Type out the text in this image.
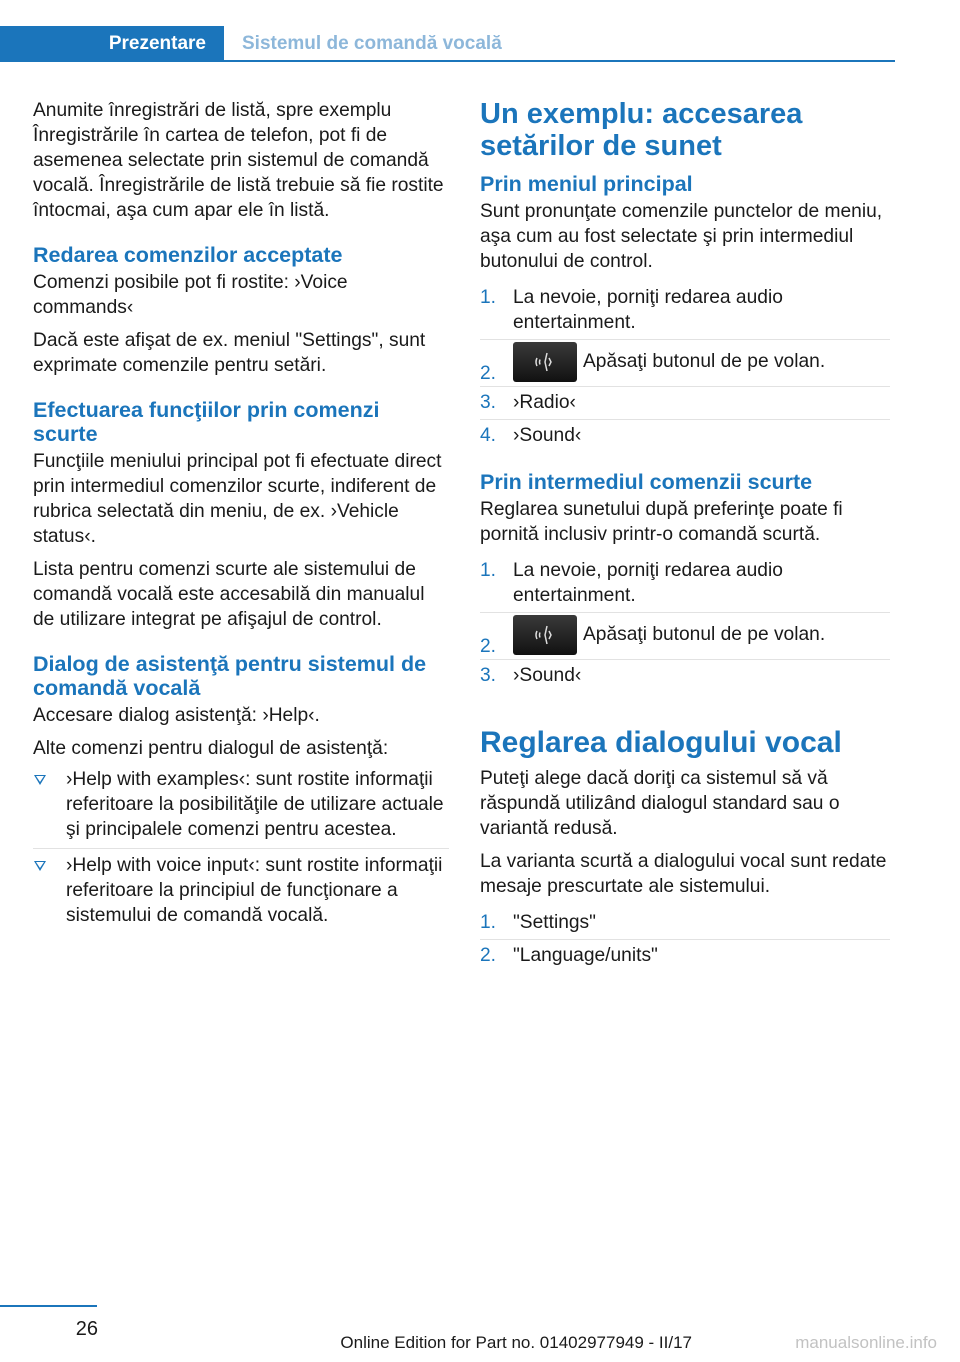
Prezentare	Sistemul de comandă vocală

Anumite înregistrări de listă, spre exemplu Înregistrările în cartea de telefon, pot fi de asemenea selectate prin sistemul de comandă vocală. Înregistrările de listă trebuie să fie rostite întocmai, aşa cum apar ele în listă.

Redarea comenzilor acceptate

Comenzi posibile pot fi rostite: ›Voice commands‹

Dacă este afişat de ex. meniul "Settings", sunt exprimate comenzile pentru setări.

Efectuarea funcţiilor prin comenzi scurte

Funcţiile meniului principal pot fi efectuate direct prin intermediul comenzilor scurte, indiferent de rubrica selectată din meniu, de ex. ›Vehicle status‹.

Lista pentru comenzi scurte ale sistemului de comandă vocală este accesabilă din manualul de utilizare integrat pe afişajul de control.

Dialog de asistenţă pentru sistemul de comandă vocală

Accesare dialog asistenţă: ›Help‹.

Alte comenzi pentru dialogul de asistenţă:

›Help with examples‹: sunt rostite informaţii referitoare la posibilităţile de utilizare actuale şi principalele comenzi pentru acestea.
›Help with voice input‹: sunt rostite informaţii referitoare la principiul de funcţionare a sistemului de comandă vocală.
Un exemplu: accesarea setărilor de sunet
Prin meniul principal

Sunt pronunţate comenzile punctelor de meniu, aşa cum au fost selectate şi prin intermediul butonului de control.

1. La nevoie, porniţi redarea audio entertainment.
2.
Apăsaţi butonul de pe volan.
3. ›Radio‹
4. ›Sound‹
Prin intermediul comenzii scurte

Reglarea sunetului după preferinţe poate fi pornită inclusiv printr-o comandă scurtă.

1. La nevoie, porniţi redarea audio entertainment.
2.
Apăsaţi butonul de pe volan.
3. ›Sound‹
Reglarea dialogului vocal

Puteţi alege dacă doriţi ca sistemul să vă răspundă utilizând dialogul standard sau o variantă redusă.

La varianta scurtă a dialogului vocal sunt redate mesaje prescurtate ale sistemului.

1. "Settings"
2. "Language/units"
26
Online Edition for Part no. 01402977949 - II/17	manualsonline.info
